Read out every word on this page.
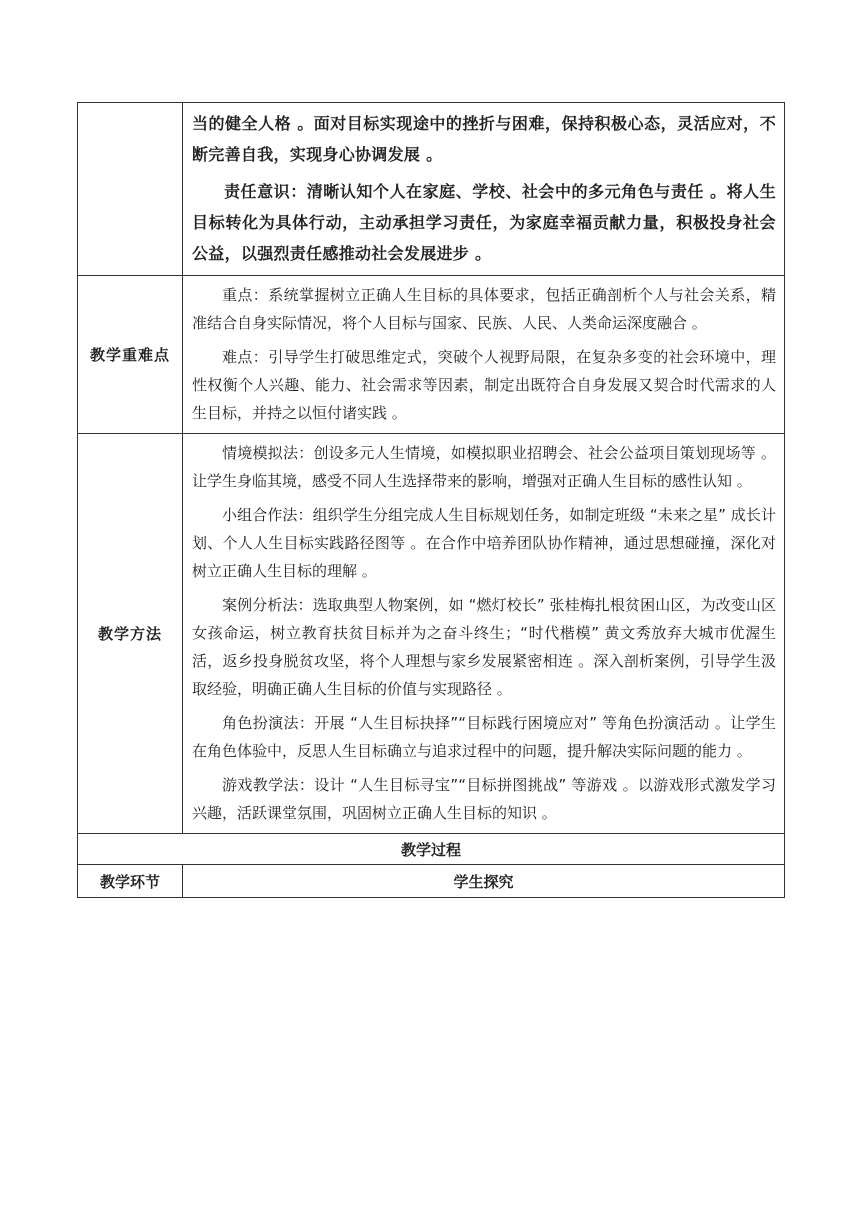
	当的健全人格 。面对目标实现途中的挫折与困难，保持积极心态，灵活应对，不断完善自我，实现身心协调发展 。

责任意识：清晰认知个人在家庭、学校、社会中的多元角色与责任 。将人生目标转化为具体行动，主动承担学习责任，为家庭幸福贡献力量，积极投身社会公益，以强烈责任感推动社会发展进步 。

教学重难点	重点：系统掌握树立正确人生目标的具体要求，包括正确剖析个人与社会关系，精准结合自身实际情况，将个人目标与国家、民族、人民、人类命运深度融合 。

难点：引导学生打破思维定式，突破个人视野局限，在复杂多变的社会环境中，理性权衡个人兴趣、能力、社会需求等因素，制定出既符合自身发展又契合时代需求的人生目标，并持之以恒付诸实践 。

教学方法	情境模拟法：创设多元人生情境，如模拟职业招聘会、社会公益项目策划现场等 。让学生身临其境，感受不同人生选择带来的影响，增强对正确人生目标的感性认知 。

小组合作法：组织学生分组完成人生目标规划任务，如制定班级 “未来之星” 成长计划、个人人生目标实践路径图等 。在合作中培养团队协作精神，通过思想碰撞，深化对树立正确人生目标的理解 。

案例分析法：选取典型人物案例，如 “燃灯校长” 张桂梅扎根贫困山区，为改变山区女孩命运，树立教育扶贫目标并为之奋斗终生；“时代楷模” 黄文秀放弃大城市优渥生活，返乡投身脱贫攻坚，将个人理想与家乡发展紧密相连 。深入剖析案例，引导学生汲取经验，明确正确人生目标的价值与实现路径 。

角色扮演法：开展 “人生目标抉择”“目标践行困境应对” 等角色扮演活动 。让学生在角色体验中，反思人生目标确立与追求过程中的问题，提升解决实际问题的能力 。

游戏教学法：设计 “人生目标寻宝”“目标拼图挑战” 等游戏 。以游戏形式激发学习兴趣，活跃课堂氛围，巩固树立正确人生目标的知识 。

教学过程	
教学环节	学生探究
